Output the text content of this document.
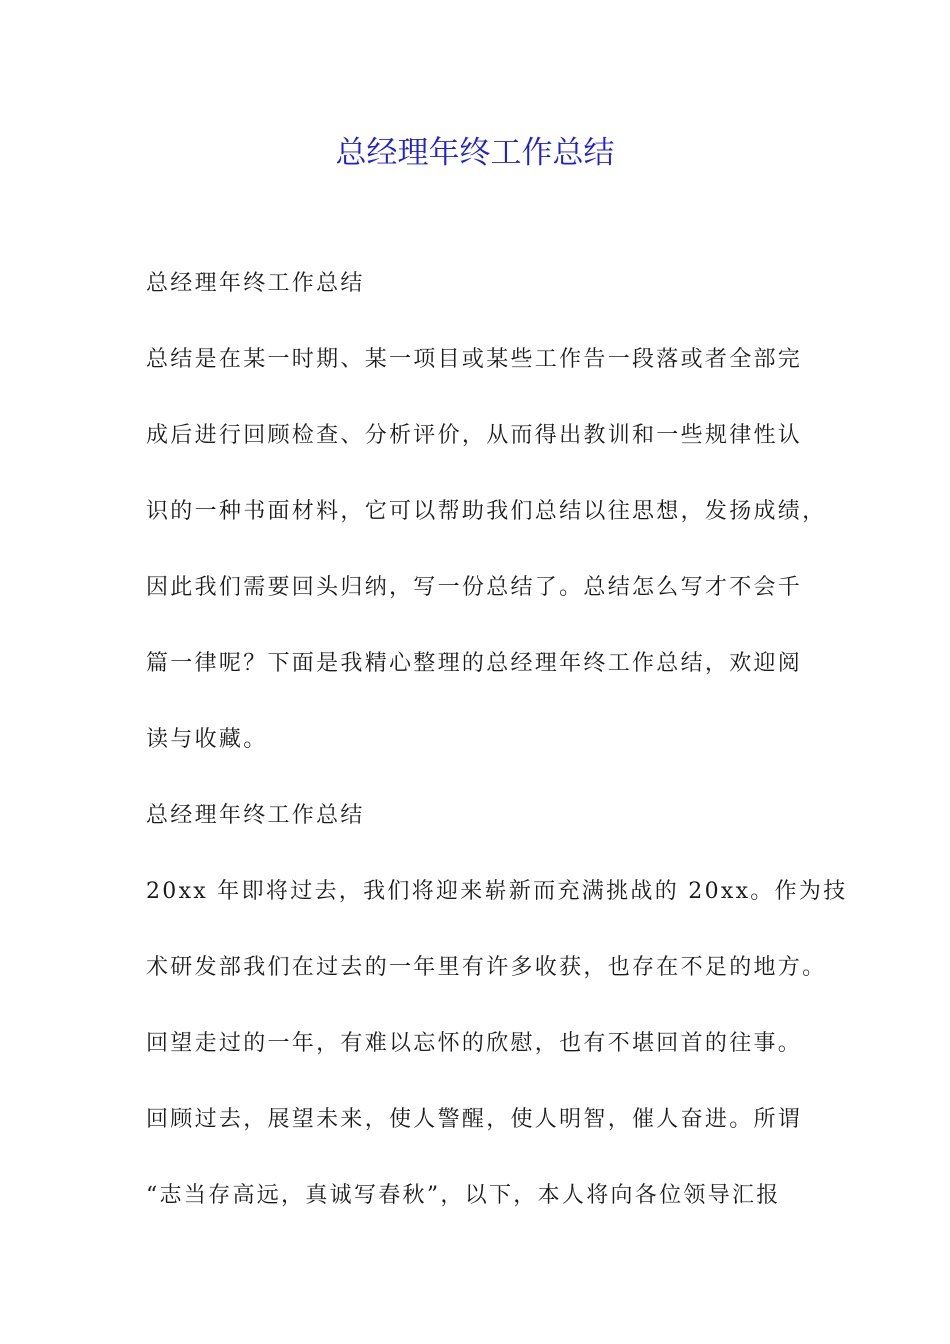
总经理年终工作总结
总经理年终工作总结
总结是在某一时期、某一项目或某些工作告一段落或者全部完
成后进行回顾检查、分析评价，从而得出教训和一些规律性认
识的一种书面材料，它可以帮助我们总结以往思想，发扬成绩，
因此我们需要回头归纳，写一份总结了。总结怎么写才不会千
篇一律呢？下面是我精心整理的总经理年终工作总结，欢迎阅
读与收藏。
总经理年终工作总结
20xx 年即将过去，我们将迎来崭新而充满挑战的 20xx。作为技
术研发部我们在过去的一年里有许多收获，也存在不足的地方。
回望走过的一年，有难以忘怀的欣慰，也有不堪回首的往事。
回顾过去，展望未来，使人警醒，使人明智，催人奋进。所谓
“志当存高远，真诚写春秋”，以下，本人将向各位领导汇报
